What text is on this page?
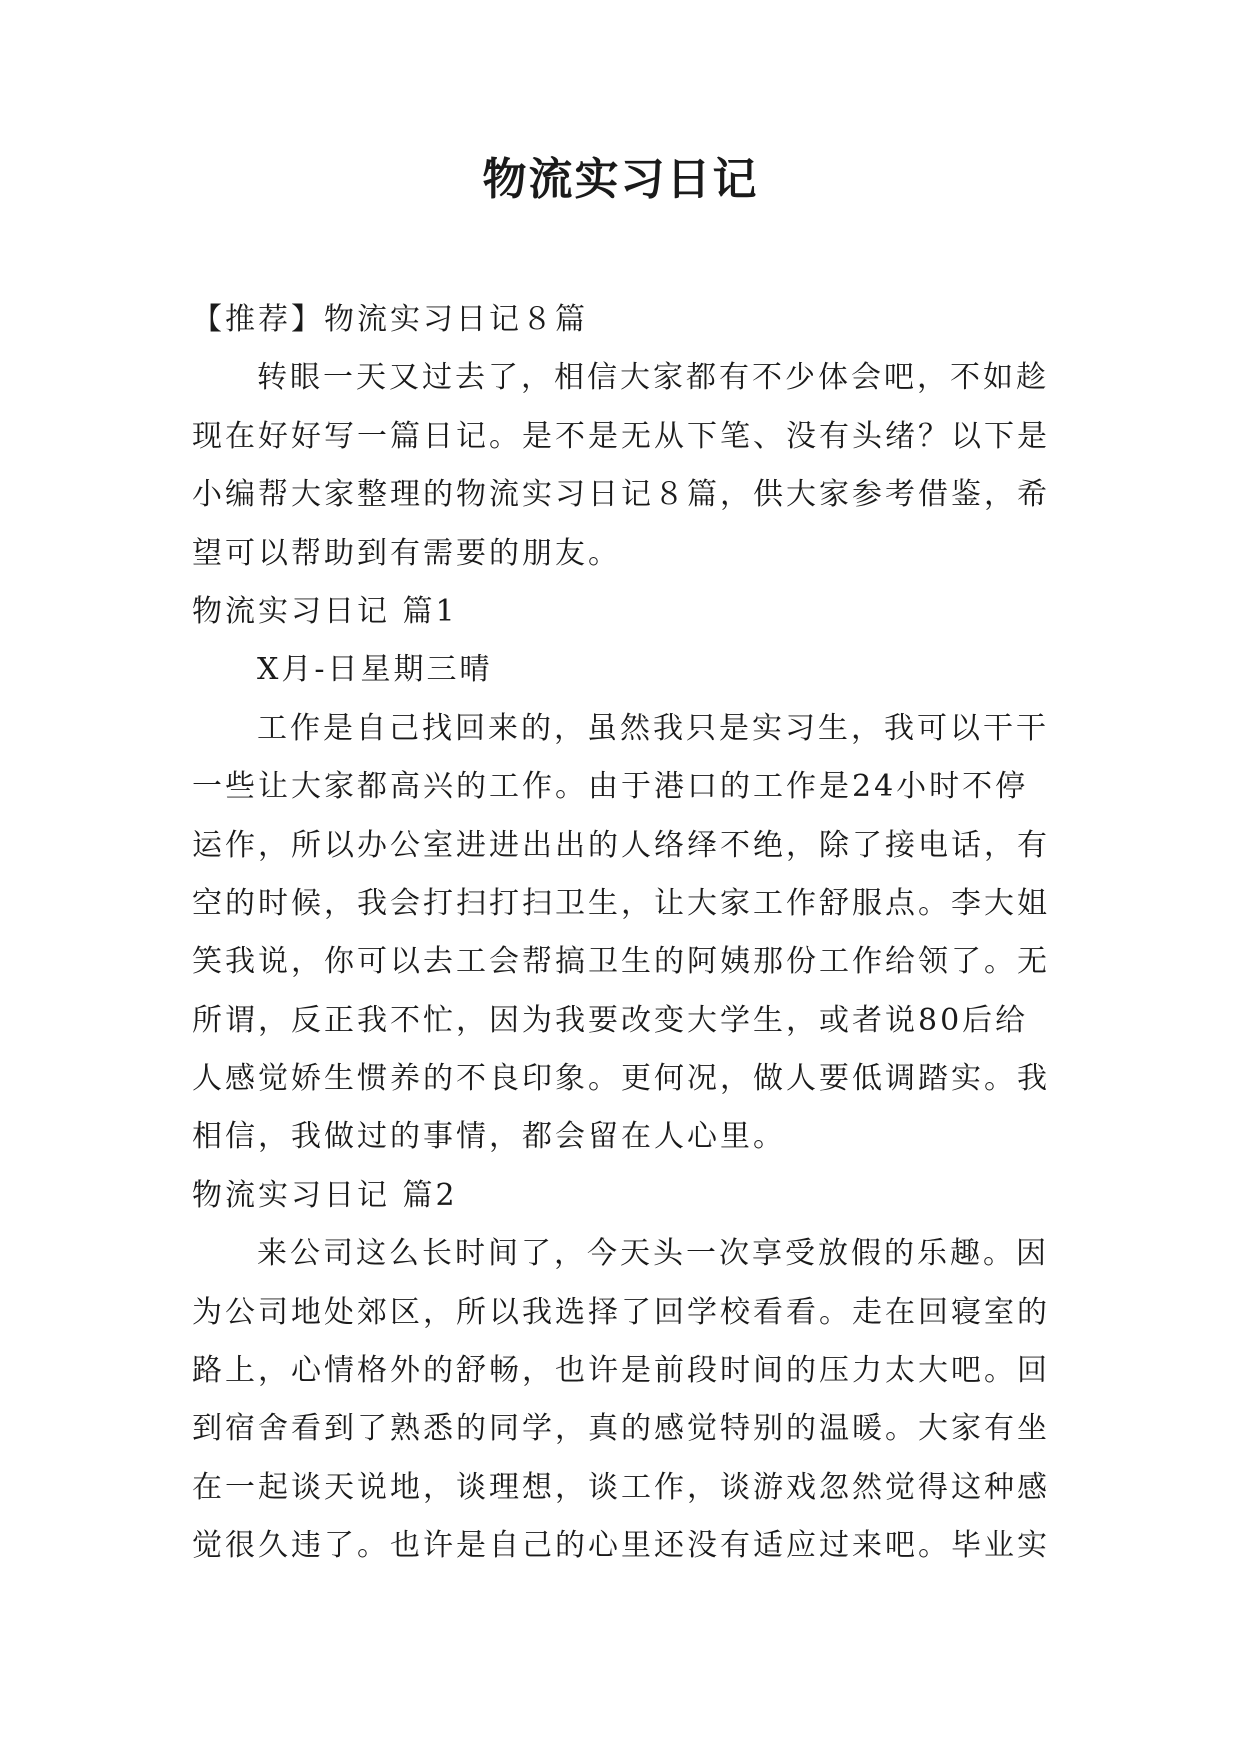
物流实习日记
【推荐】物流实习日记８篇
转眼一天又过去了，相信大家都有不少体会吧，不如趁
现在好好写一篇日记。是不是无从下笔、没有头绪？以下是
小编帮大家整理的物流实习日记８篇，供大家参考借鉴，希
望可以帮助到有需要的朋友。
物流实习日记 篇1
X月-日星期三晴
工作是自己找回来的，虽然我只是实习生，我可以干干
一些让大家都高兴的工作。由于港口的工作是24小时不停
运作，所以办公室进进出出的人络绎不绝，除了接电话，有
空的时候，我会打扫打扫卫生，让大家工作舒服点。李大姐
笑我说，你可以去工会帮搞卫生的阿姨那份工作给领了。无
所谓，反正我不忙，因为我要改变大学生，或者说80后给
人感觉娇生惯养的不良印象。更何况，做人要低调踏实。我
相信，我做过的事情，都会留在人心里。
物流实习日记 篇2
来公司这么长时间了，今天头一次享受放假的乐趣。因
为公司地处郊区，所以我选择了回学校看看。走在回寝室的
路上，心情格外的舒畅，也许是前段时间的压力太大吧。回
到宿舍看到了熟悉的同学，真的感觉特别的温暖。大家有坐
在一起谈天说地，谈理想，谈工作，谈游戏忽然觉得这种感
觉很久违了。也许是自己的心里还没有适应过来吧。毕业实
